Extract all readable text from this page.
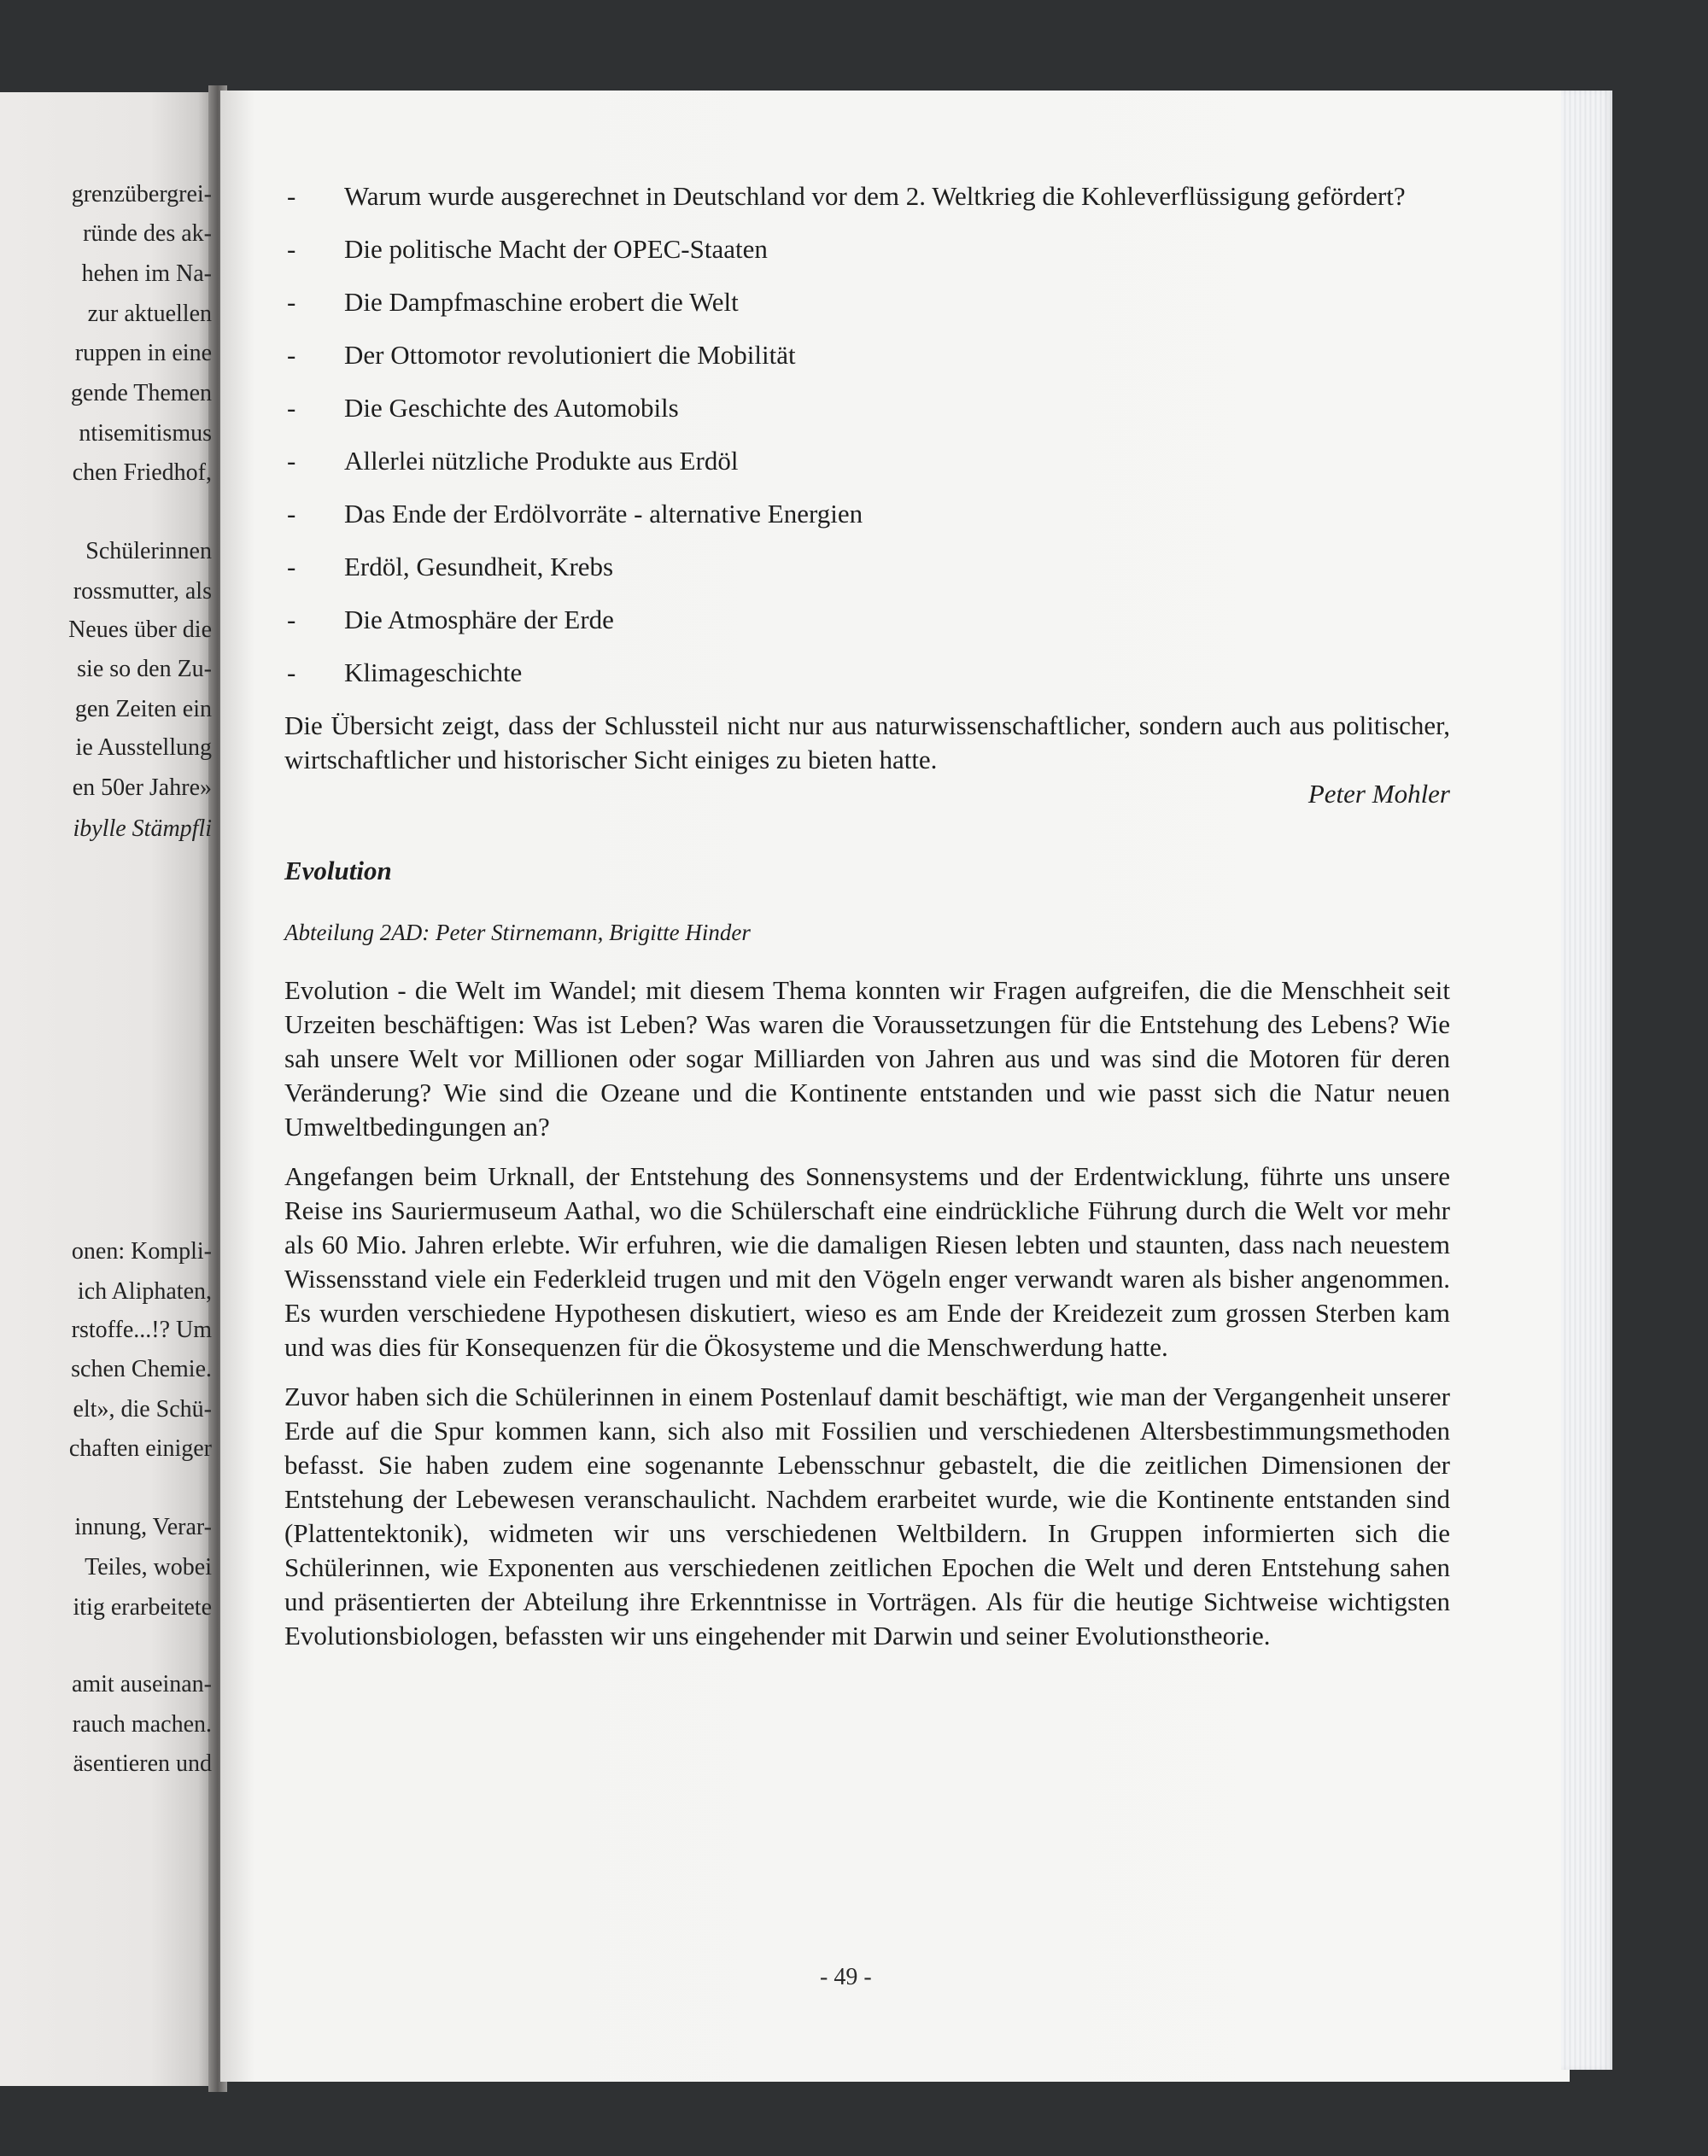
grenzübergrei-
ründe des ak-
hehen im Na-
zur aktuellen
ruppen in eine
gende Themen
ntisemitismus
chen Friedhof,
Schülerinnen
rossmutter, als
Neues über die
sie so den Zu-
gen Zeiten ein
ie Ausstellung
en 50er Jahre»
ibylle Stämpfli
onen: Kompli-
ich Aliphaten,
rstoffe...!? Um
schen Chemie.
elt», die Schü-
chaften einiger
innung, Verar-
Teiles, wobei
itig erarbeitete
amit auseinan-
rauch machen.
äsentieren und
- Warum wurde ausgerechnet in Deutschland vor dem 2. Weltkrieg die Kohleverflüssigung gefördert?
- Die politische Macht der OPEC-Staaten
- Die Dampfmaschine erobert die Welt
- Der Ottomotor revolutioniert die Mobilität
- Die Geschichte des Automobils
- Allerlei nützliche Produkte aus Erdöl
- Das Ende der Erdölvorräte - alternative Energien
- Erdöl, Gesundheit, Krebs
- Die Atmosphäre der Erde
- Klimageschichte

Die Übersicht zeigt, dass der Schlussteil nicht nur aus naturwissenschaftlicher, sondern auch aus politischer, wirtschaftlicher und historischer Sicht einiges zu bieten hatte.

Peter Mohler

Evolution

Abteilung 2AD: Peter Stirnemann, Brigitte Hinder

Evolution - die Welt im Wandel; mit diesem Thema konnten wir Fragen aufgreifen, die die Menschheit seit Urzeiten beschäftigen: Was ist Leben? Was waren die Voraussetzungen für die Entstehung des Lebens? Wie sah unsere Welt vor Millionen oder sogar Milliarden von Jahren aus und was sind die Motoren für deren Veränderung? Wie sind die Ozeane und die Kontinente entstanden und wie passt sich die Natur neuen Umweltbedingungen an?

Angefangen beim Urknall, der Entstehung des Sonnensystems und der Erdentwicklung, führte uns unsere Reise ins Sauriermuseum Aathal, wo die Schülerschaft eine eindrückliche Führung durch die Welt vor mehr als 60 Mio. Jahren erlebte. Wir erfuhren, wie die damaligen Riesen lebten und staunten, dass nach neuestem Wissensstand viele ein Federkleid trugen und mit den Vögeln enger verwandt waren als bisher angenommen. Es wurden verschiedene Hypothesen diskutiert, wieso es am Ende der Kreidezeit zum grossen Sterben kam und was dies für Konsequenzen für die Ökosysteme und die Menschwerdung hatte.

Zuvor haben sich die Schülerinnen in einem Postenlauf damit beschäftigt, wie man der Vergangenheit unserer Erde auf die Spur kommen kann, sich also mit Fossilien und verschiedenen Altersbestimmungsmethoden befasst. Sie haben zudem eine sogenannte Lebensschnur gebastelt, die die zeitlichen Dimensionen der Entstehung der Lebewesen veranschaulicht. Nachdem erarbeitet wurde, wie die Kontinente entstanden sind (Plattentektonik), widmeten wir uns verschiedenen Weltbildern. In Gruppen informierten sich die Schülerinnen, wie Exponenten aus verschiedenen zeitlichen Epochen die Welt und deren Entstehung sahen und präsentierten der Abteilung ihre Erkenntnisse in Vorträgen. Als für die heutige Sichtweise wichtigsten Evolutionsbiologen, befassten wir uns eingehender mit Darwin und seiner Evolutionstheorie.

- 49 -
